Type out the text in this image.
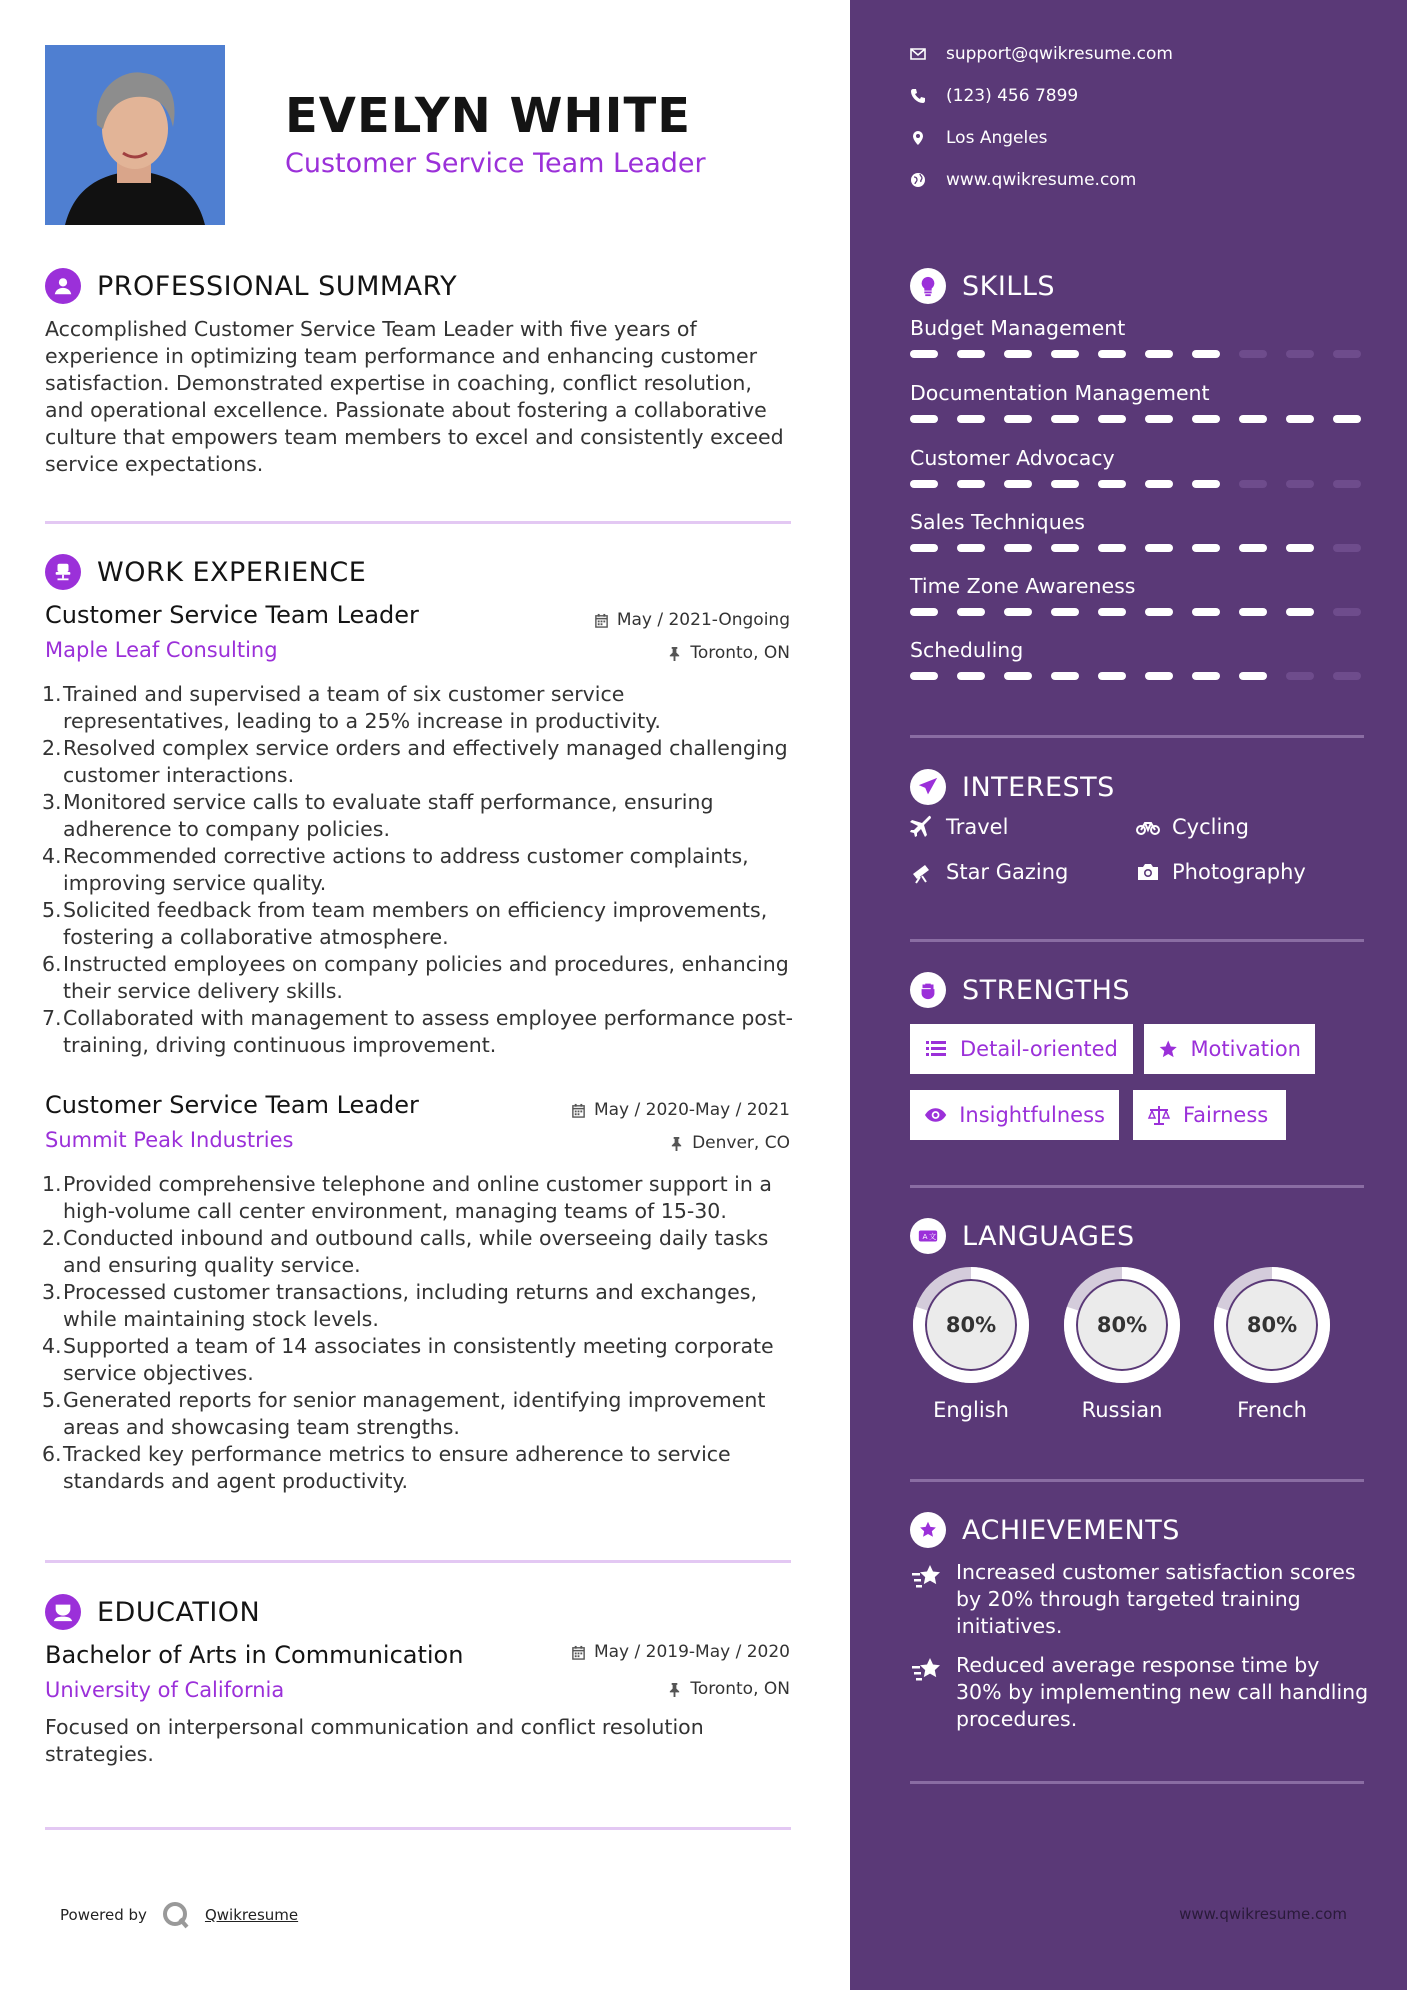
EVELYN WHITE
Customer Service Team Leader
PROFESSIONAL SUMMARY

Accomplished Customer Service Team Leader with five years of experience in optimizing team performance and enhancing customer satisfaction. Demonstrated expertise in coaching, conflict resolution, and operational excellence. Passionate about fostering a collaborative culture that empowers team members to excel and consistently exceed service expectations.

WORK EXPERIENCE
Customer Service Team Leader	May / 2021-Ongoing
Maple Leaf Consulting	Toronto, ON
1. Trained and supervised a team of six customer service representatives, leading to a 25% increase in productivity.
2. Resolved complex service orders and effectively managed challenging customer interactions.
3. Monitored service calls to evaluate staff performance, ensuring adherence to company policies.
4. Recommended corrective actions to address customer complaints, improving service quality.
5. Solicited feedback from team members on efficiency improvements, fostering a collaborative atmosphere.
6. Instructed employees on company policies and procedures, enhancing their service delivery skills.
7. Collaborated with management to assess employee performance post-training, driving continuous improvement.
Customer Service Team Leader	May / 2020-May / 2021
Summit Peak Industries	Denver, CO
1. Provided comprehensive telephone and online customer support in a high-volume call center environment, managing teams of 15-30.
2. Conducted inbound and outbound calls, while overseeing daily tasks and ensuring quality service.
3. Processed customer transactions, including returns and exchanges, while maintaining stock levels.
4. Supported a team of 14 associates in consistently meeting corporate service objectives.
5. Generated reports for senior management, identifying improvement areas and showcasing team strengths.
6. Tracked key performance metrics to ensure adherence to service standards and agent productivity.
EDUCATION
Bachelor of Arts in Communication	May / 2019-May / 2020
University of California	Toronto, ON

Focused on interpersonal communication and conflict resolution strategies.

Powered by	Qwikresume
support@qwikresume.com
(123) 456 7899
Los Angeles
www.qwikresume.com
SKILLS
Budget Management
Documentation Management
Customer Advocacy
Sales Techniques
Time Zone Awareness
Scheduling
INTERESTS
Travel	Cycling
Star Gazing	Photography
STRENGTHS
Detail-oriented	Motivation
Insightfulness	Fairness
A 文 LANGUAGES
80%
English
80%
Russian
80%
French
ACHIEVEMENTS
Increased customer satisfaction scores by 20% through targeted training initiatives.
Reduced average response time by 30% by implementing new call handling procedures.
www.qwikresume.com
